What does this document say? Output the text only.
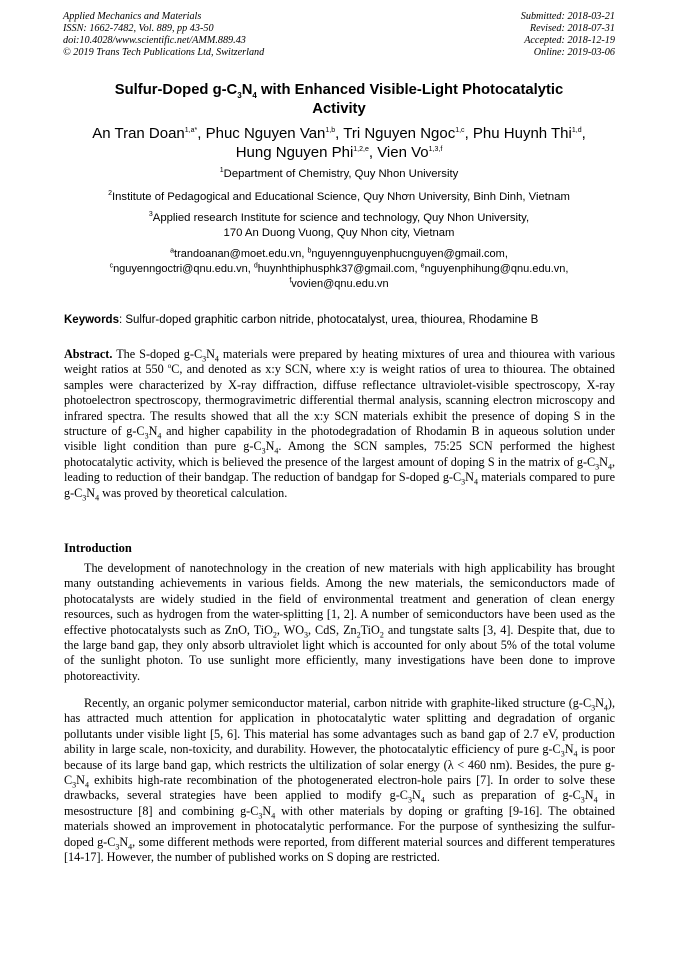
Applied Mechanics and Materials
ISSN: 1662-7482, Vol. 889, pp 43-50
doi:10.4028/www.scientific.net/AMM.889.43
© 2019 Trans Tech Publications Ltd, Switzerland
Submitted: 2018-03-21
Revised: 2018-07-31
Accepted: 2018-12-19
Online: 2019-03-06
Sulfur-Doped $g-C_3N_4$ with Enhanced Visible-Light Photocatalytic
Activity
An Tran Doan$^{1,a*}$, Phuc Nguyen Van$^{1,b}$, Tri Nguyen Ngoc$^{1,c}$, Phu Huynh Thi$^{1,d}$,
Hung Nguyen Phi$^{1,2,e}$, Vien Vo$^{1,3,f}$
$^1$Department of Chemistry, Quy Nhon University
$^2$Institute of Pedagogical and Educational Science, Quy Nhơn University, Binh Dinh, Vietnam
$^3$Applied research Institute for science and technology, Quy Nhon University,
170 An Duong Vuong, Quy Nhon city, Vietnam
$^a$trandoanan@moet.edu.vn, $^b$nguyennguyenphucnguyen@gmail.com,
$^c$nguyenngoctri@qnu.edu.vn, $^d$huynhthiphusphk37@gmail.com, $^e$nguyenphihung@qnu.edu.vn,
$^f$vovien@qnu.edu.vn
Keywords: Sulfur-doped graphitic carbon nitride, photocatalyst, urea, thiourea, Rhodamine B
Abstract. The S-doped $g-C_3N_4$ materials were prepared by heating mixtures of urea and thiourea with various weight ratios at 550 $^o$C, and denoted as x:y SCN, where x:y is weight ratios of urea to thiourea. The obtained samples were characterized by X-ray diffraction, diffuse reflectance ultraviolet-visible spectroscopy, X-ray photoelectron spectroscopy, thermogravimetric differential thermal analysis, scanning electron microscopy and infrared spectra. The results showed that all the x:y SCN materials exhibit the presence of doping S in the structure of $g-C_3N_4$ and higher capability in the photodegradation of Rhodamin B in aqueous solution under visible light condition than pure $g-C_3N_4$. Among the SCN samples, 75:25 SCN performed the highest photocatalytic activity, which is believed the presence of the largest amount of doping S in the matrix of $g-C_3N_4$, leading to reduction of their bandgap. The reduction of bandgap for S-doped $g-C_3N_4$ materials compared to pure $g-C_3N_4$ was proved by theoretical calculation.
Introduction
The development of nanotechnology in the creation of new materials with high applicability has brought many outstanding achievements in various fields. Among the new materials, the semiconductors made of photocatalysts are widely studied in the field of environmental treatment and generation of clean energy resources, such as hydrogen from the water-splitting [1, 2]. A number of semiconductors have been used as the effective photocatalysts such as ZnO, TiO$_2$, $WO_3$, CdS, $Zn_2TiO_2$ and tungstate salts [3, 4]. Despite that, due to the large band gap, they only absorb ultraviolet light which is accounted for only about 5% of the total volume of the sunlight photon. To use sunlight more efficiently, many investigations have been done to improve photoreactivity.
Recently, an organic polymer semiconductor material, carbon nitride with graphite-liked structure $(g-C_3N_4)$, has attracted much attention for application in photocatalytic water splitting and degradation of organic pollutants under visible light [5, 6]. This material has some advantages such as band gap of 2.7 eV, production ability in large scale, non-toxicity, and durability. However, the photocatalytic efficiency of pure $g-C_3N_4$ is poor because of its large band gap, which restricts the ultilization of solar energy (λ < 460 nm). Besides, the pure $g-C_3N_4$ exhibits high-rate recombination of the photogenerated electron-hole pairs [7]. In order to solve these drawbacks, several strategies have been applied to modify $g-C_3N_4$ such as preparation of $g-C_3N_4$ in mesostructure [8] and combining $g-C_3N_4$ with other materials by doping or grafting [9-16]. The obtained materials showed an improvement in photocatalytic performance. For the purpose of synthesizing the sulfur-doped $g-C_3N_4$, some different methods were reported, from different material sources and different temperatures [14-17]. However, the number of published works on S doping are restricted.
